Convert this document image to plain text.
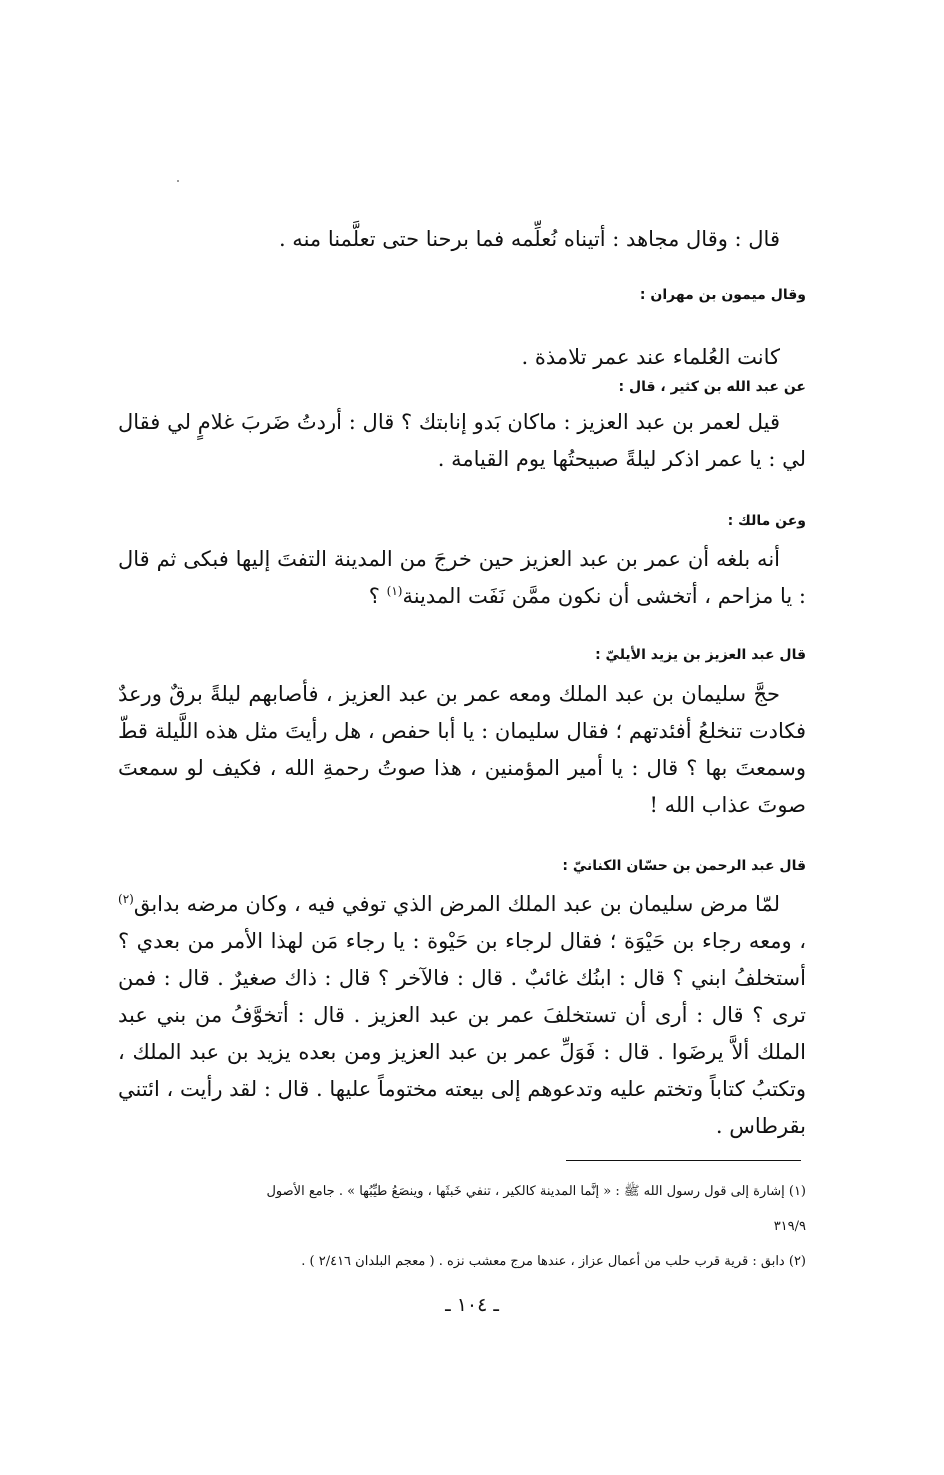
قال : وقال مجاهد : أتيناه نُعلِّمه فما برحنا حتى تعلَّمنا منه .
وقال ميمون بن مهران :
كانت العُلماء عند عمر تلامذة .
عن عبد الله بن كثير ، قال :
قيل لعمر بن عبد العزيز : ماكان بَدو إنابتك ؟ قال : أردتُ ضَربَ غلامٍ لي فقال لي : يا عمر اذكر ليلةً صبيحتُها يوم القيامة .
وعن مالك :
أنه بلغه أن عمر بن عبد العزيز حين خرجَ من المدينة التفتَ إليها فبكى ثم قال : يا مزاحم ، أتخشى أن نكون ممَّن نَفَت المدينة$^{(١)}$ ؟
قال عبد العزيز بن يزيد الأيليّ :
حجَّ سليمان بن عبد الملك ومعه عمر بن عبد العزيز ، فأصابهم ليلةً برقٌ ورعدٌ فكادت تنخلعُ أفئدتهم ؛ فقال سليمان : يا أبا حفص ، هل رأيتَ مثل هذه اللَّيلة قطّ وسمعتَ بها ؟ قال : يا أمير المؤمنين ، هذا صوتُ رحمةِ الله ، فكيف لو سمعتَ صوتَ عذاب الله !
قال عبد الرحمن بن حسّان الكنانيّ :
لمّا مرض سليمان بن عبد الملك المرض الذي توفي فيه ، وكان مرضه بدابق$^{(٢)}$ ، ومعه رجاء بن حَيْوَة ؛ فقال لرجاء بن حَيْوة : يا رجاء مَن لهذا الأمر من بعدي ؟ أستخلفُ ابني ؟ قال : ابنُك غائبٌ . قال : فالآخر ؟ قال : ذاك صغيرٌ . قال : فمن ترى ؟ قال : أرى أن تستخلفَ عمر بن عبد العزيز . قال : أتخوَّفُ من بني عبد الملك ألاَّ يرضَوا . قال : فَوَلِّ عمر بن عبد العزيز ومن بعده يزيد بن عبد الملك ، وتكتبُ كتاباً وتختم عليه وتدعوهم إلى بيعته مختوماً عليها . قال : لقد رأيت ، ائتني بقرطاس .
(١) إشارة إلى قول رسول الله ﷺ : « إنَّما المدينة كالكير ، تنفي خَبثَها ، وينصَعُ طيِّبُها » . جامع الأصول
٣١٩/٩
(٢) دابق : قرية قرب حلب من أعمال عزاز ، عندها مرج معشب نزه . ( معجم البلدان ٢/٤١٦ ) .
ـ ١٠٤ ـ
